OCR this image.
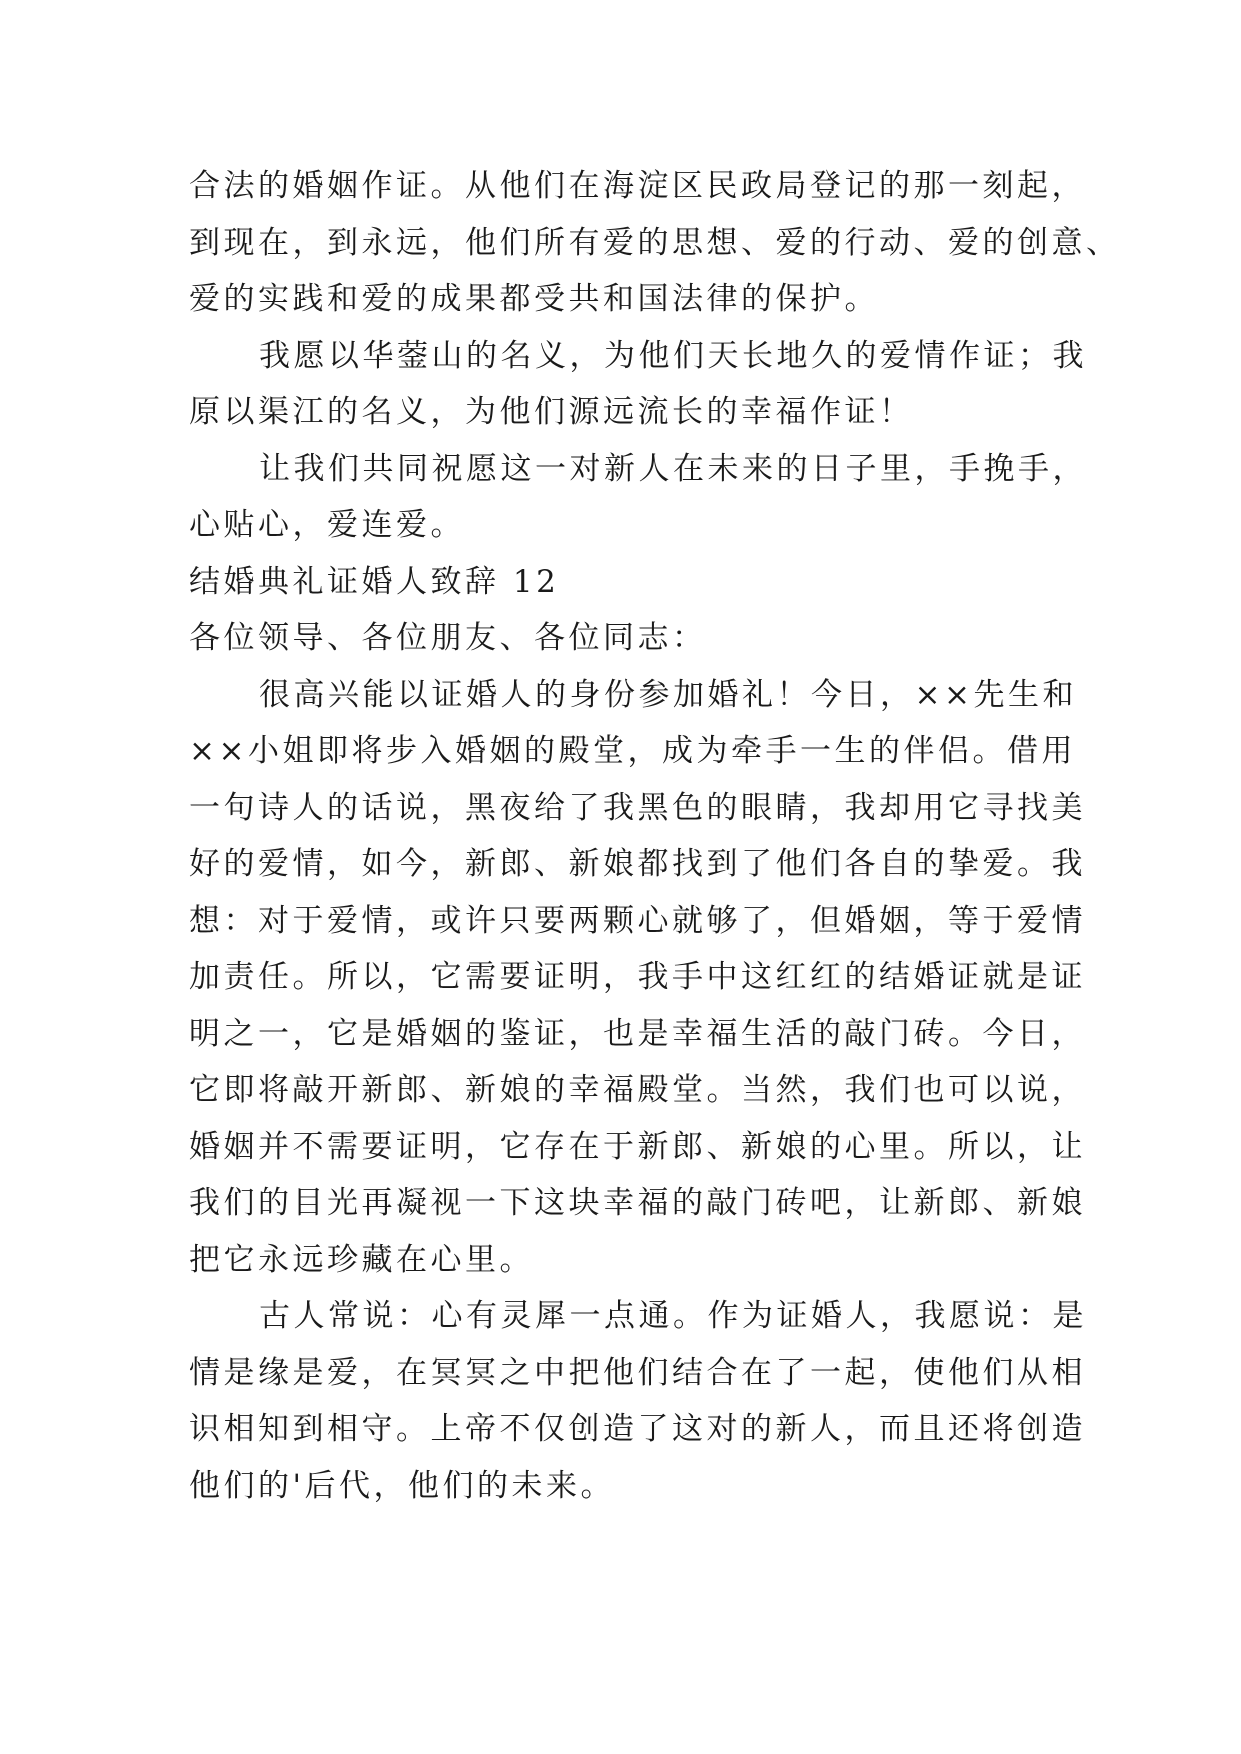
合法的婚姻作证。从他们在海淀区民政局登记的那一刻起，
到现在，到永远，他们所有爱的思想、爱的行动、爱的创意、
爱的实践和爱的成果都受共和国法律的保护。
我愿以华蓥山的名义，为他们天长地久的爱情作证；我
原以渠江的名义，为他们源远流长的幸福作证！
让我们共同祝愿这一对新人在未来的日子里，手挽手，
心贴心，爱连爱。
结婚典礼证婚人致辞 12
各位领导、各位朋友、各位同志：
很高兴能以证婚人的身份参加婚礼！今日，××先生和
××小姐即将步入婚姻的殿堂，成为牵手一生的伴侣。借用
一句诗人的话说，黑夜给了我黑色的眼睛，我却用它寻找美
好的爱情，如今，新郎、新娘都找到了他们各自的挚爱。我
想：对于爱情，或许只要两颗心就够了，但婚姻，等于爱情
加责任。所以，它需要证明，我手中这红红的结婚证就是证
明之一，它是婚姻的鉴证，也是幸福生活的敲门砖。今日，
它即将敲开新郎、新娘的幸福殿堂。当然，我们也可以说，
婚姻并不需要证明，它存在于新郎、新娘的心里。所以，让
我们的目光再凝视一下这块幸福的敲门砖吧，让新郎、新娘
把它永远珍藏在心里。
古人常说：心有灵犀一点通。作为证婚人，我愿说：是
情是缘是爱，在冥冥之中把他们结合在了一起，使他们从相
识相知到相守。上帝不仅创造了这对的新人，而且还将创造
他们的'后代，他们的未来。
